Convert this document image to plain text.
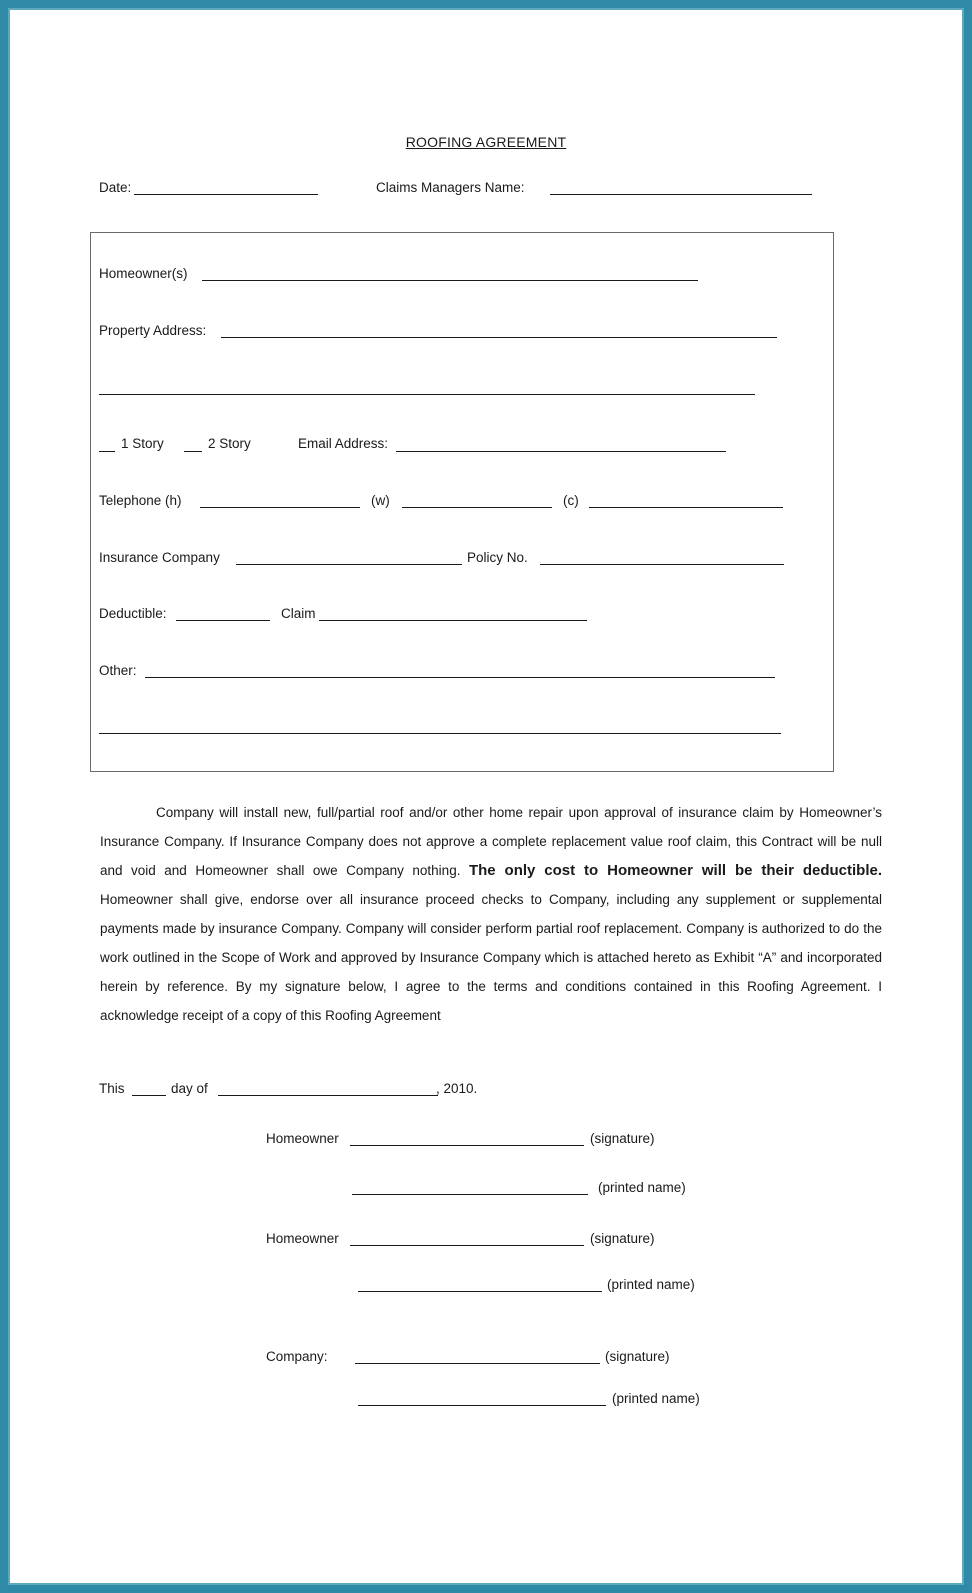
ROOFING AGREEMENT
Date:	Claims Managers Name:
Homeowner(s)
Property Address:
1 Story	2 Story	Email Address:
Telephone (h)	(w)	(c)
Insurance Company	Policy No.
Deductible:	Claim
Other:

Company will install new, full/partial roof and/or other home repair upon approval of insurance claim by Homeowner’s Insurance Company. If Insurance Company does not approve a complete replacement value roof claim, this Contract will be null and void and Homeowner shall owe Company nothing. The only cost to Homeowner will be their deductible. Homeowner shall give, endorse over all insurance proceed checks to Company, including any supplement or supplemental payments made by insurance Company. Company will consider perform partial roof replacement. Company is authorized to do the work outlined in the Scope of Work and approved by Insurance Company which is attached hereto as Exhibit “A” and incorporated herein by reference. By my signature below, I agree to the terms and conditions contained in this Roofing Agreement. I acknowledge receipt of a copy of this Roofing Agreement

This	day of	, 2010.
Homeowner	(signature)
(printed name)
Homeowner	(signature)
(printed name)
Company:	(signature)
(printed name)
